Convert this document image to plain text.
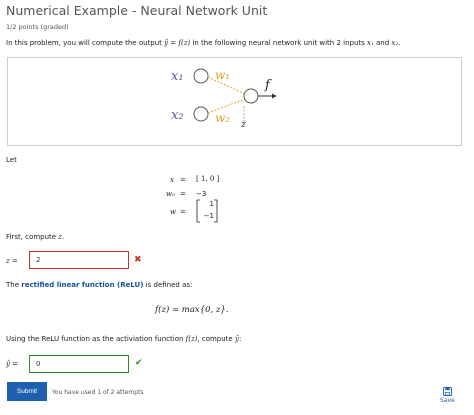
Numerical Example - Neural Network Unit
1/2 points (graded)
In this problem, you will compute the output ŷ = f(z) in the following neural network unit with 2 inputs x₁ and x₂.
x₁
x₂
w₁
w₂
f
z
Let
x = [ 1, 0 ]
w₀ = −3
w =
1
−1
First, compute z.
z =	2	✖
The rectified linear function (ReLU) is defined as:
f(z) = max{0, z}.
Using the ReLU function as the activiation function f(z), compute ŷ:
ŷ =	0	✔
Submit	You have used 1 of 2 attempts
Save
